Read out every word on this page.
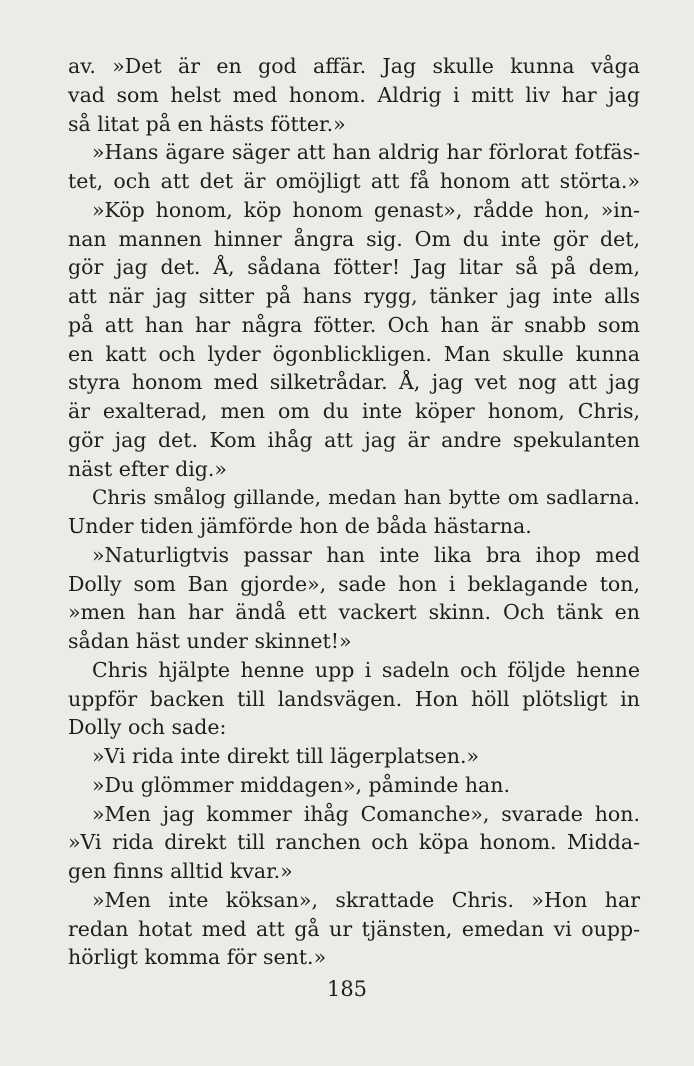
av. »Det är en god affär. Jag skulle kunna våga
vad som helst med honom. Aldrig i mitt liv har jag
så litat på en hästs fötter.»
»Hans ägare säger att han aldrig har förlorat fotfäs-
tet, och att det är omöjligt att få honom att störta.»
»Köp honom, köp honom genast», rådde hon, »in-
nan mannen hinner ångra sig. Om du inte gör det,
gör jag det. Å, sådana fötter! Jag litar så på dem,
att när jag sitter på hans rygg, tänker jag inte alls
på att han har några fötter. Och han är snabb som
en katt och lyder ögonblickligen. Man skulle kunna
styra honom med silketrådar. Å, jag vet nog att jag
är exalterad, men om du inte köper honom, Chris,
gör jag det. Kom ihåg att jag är andre spekulanten
näst efter dig.»
Chris smålog gillande, medan han bytte om sadlarna.
Under tiden jämförde hon de båda hästarna.
»Naturligtvis passar han inte lika bra ihop med
Dolly som Ban gjorde», sade hon i beklagande ton,
»men han har ändå ett vackert skinn. Och tänk en
sådan häst under skinnet!»
Chris hjälpte henne upp i sadeln och följde henne
uppför backen till landsvägen. Hon höll plötsligt in
Dolly och sade:
»Vi rida inte direkt till lägerplatsen.»
»Du glömmer middagen», påminde han.
»Men jag kommer ihåg Comanche», svarade hon.
»Vi rida direkt till ranchen och köpa honom. Midda-
gen finns alltid kvar.»
»Men inte köksan», skrattade Chris. »Hon har
redan hotat med att gå ur tjänsten, emedan vi oupp-
hörligt komma för sent.»
185
